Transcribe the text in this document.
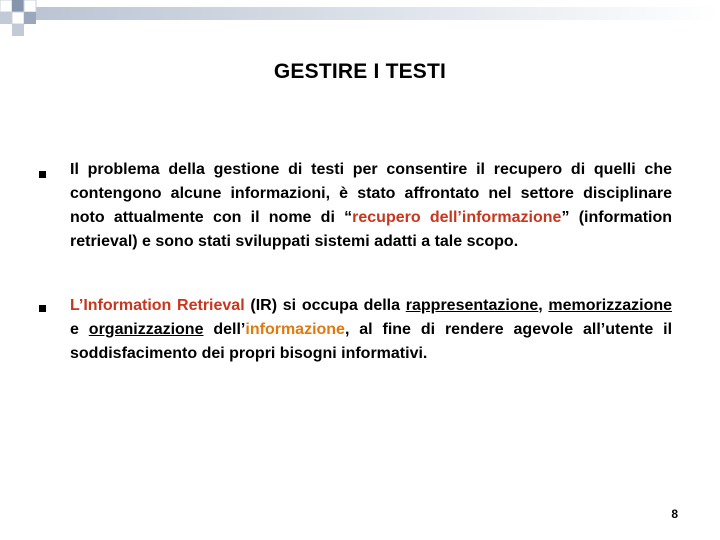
GESTIRE I TESTI
Il problema della gestione di testi per consentire il recupero di quelli che contengono alcune informazioni, è stato affrontato nel settore disciplinare noto attualmente con il nome di “recupero dell’informazione” (information retrieval) e sono stati sviluppati sistemi adatti a tale scopo.
L’Information Retrieval (IR) si occupa della rappresentazione, memorizzazione e organizzazione dell’informazione, al fine di rendere agevole all’utente il soddisfacimento dei propri bisogni informativi.
8
